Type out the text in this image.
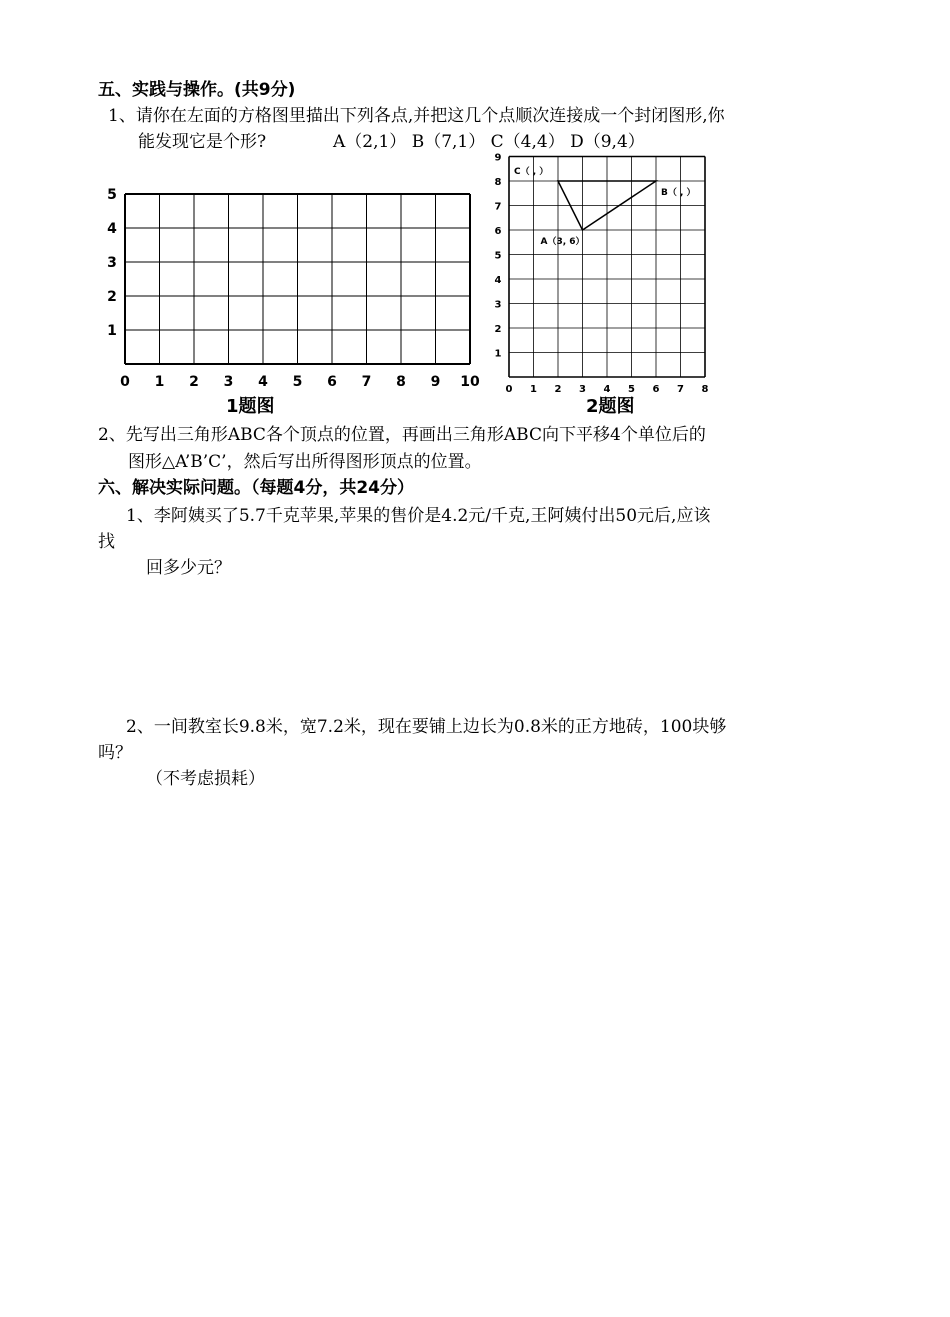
五、实践与操作。(共9分)
1、请你在左面的方格图里描出下列各点,并把这几个点顺次连接成一个封闭图形,你
能发现它是个形?	A（2,1） B（7,1） C（4,4） D（9,4）
0 1 2 3 4 5 6 7 8 9 10
1
2
3
4
5
1题图
0 1 2 3 4 5 6 7 8
1
2
3
4
5
6
7
8
9
A（3, 6）
B（ , ）
C（ , ）
2题图
2、先写出三角形ABC各个顶点的位置，再画出三角形ABC向下平移4个单位后的
图形△A’B’C’，然后写出所得图形顶点的位置。
六、解决实际问题。（每题4分，共24分）
1、李阿姨买了5.7千克苹果,苹果的售价是4.2元/千克,王阿姨付出50元后,应该
找
回多少元？
2、一间教室长9.8米，宽7.2米，现在要铺上边长为0.8米的正方地砖，100块够
吗？
（不考虑损耗）
